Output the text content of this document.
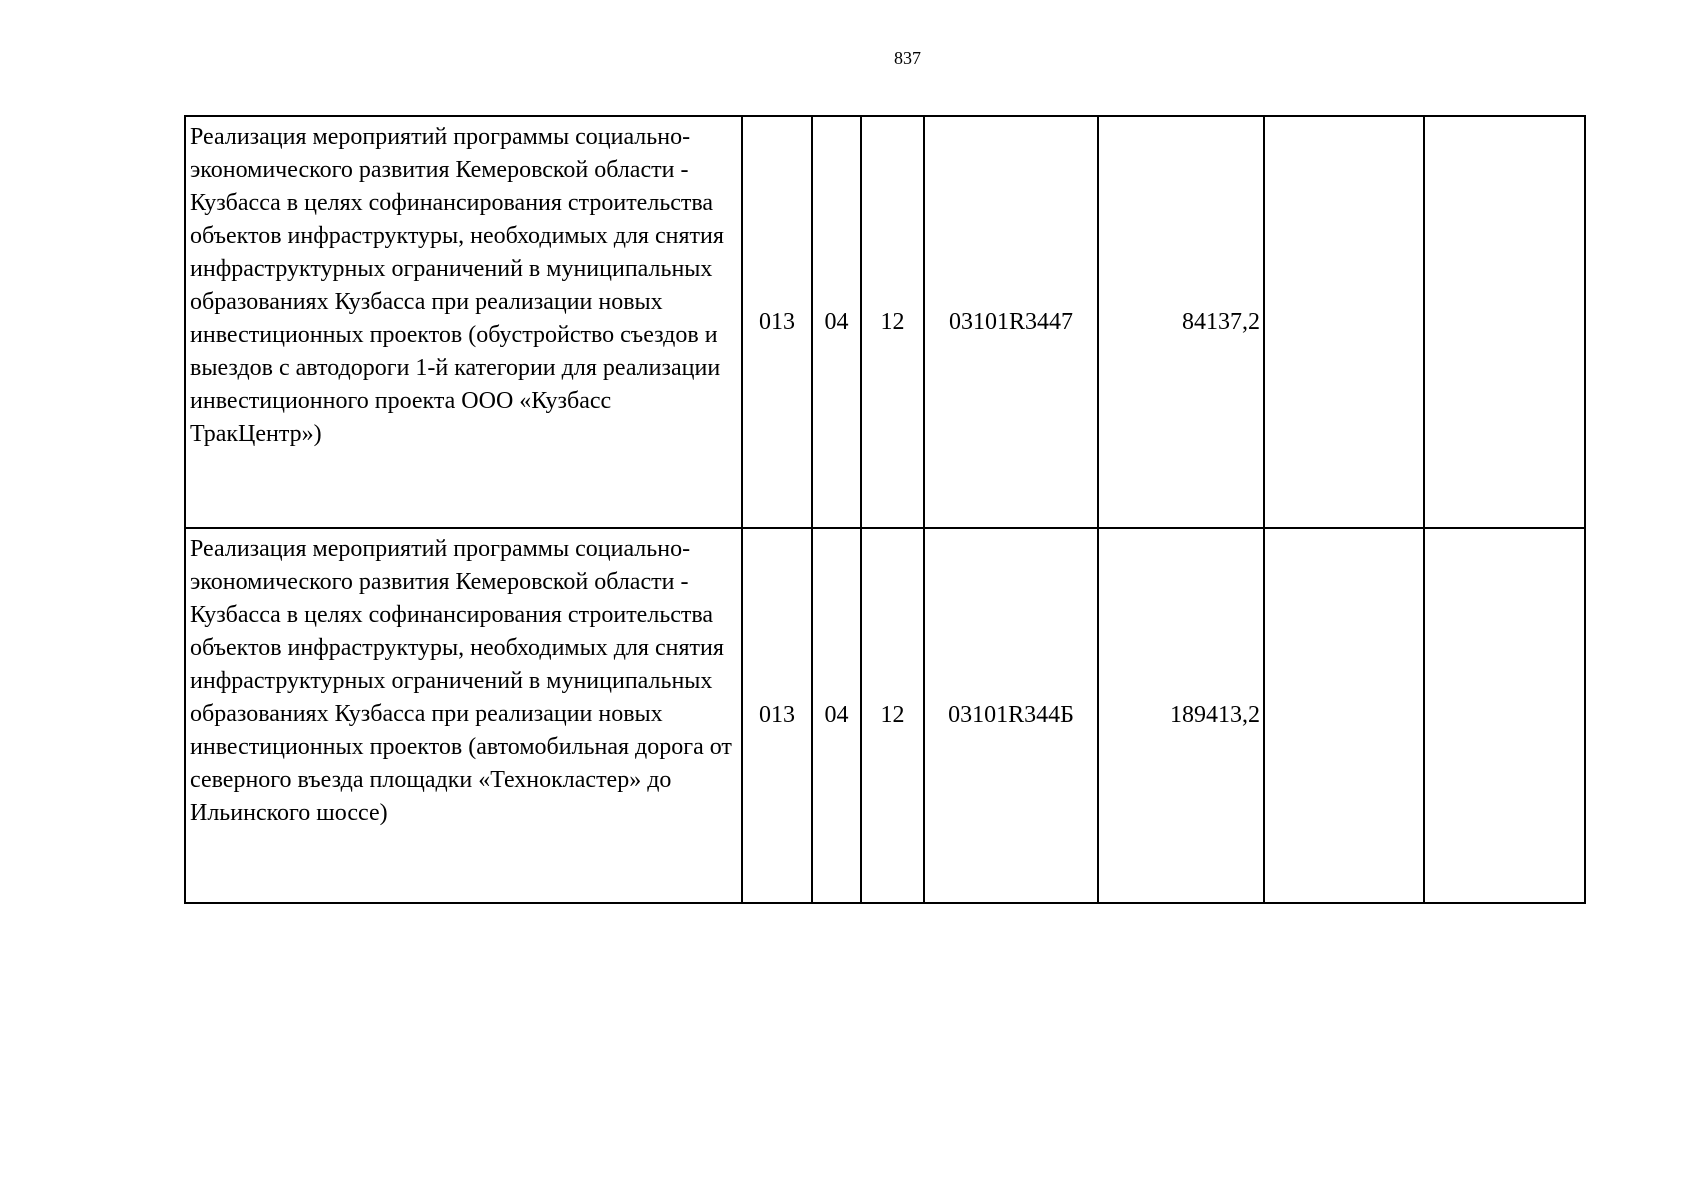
837
Реализация мероприятий программы социально-экономического развития Кемеровской области - Кузбасса в целях софинансирования строительства объектов инфраструктуры, необходимых для снятия инфраструктурных ограничений в муниципальных образованиях Кузбасса при реализации новых инвестиционных проектов (обустройство съездов и выездов с автодороги 1-й категории для реализации инвестиционного проекта ООО «Кузбасс ТракЦентр»)	013	04	12	03101R3447	84137,2		
Реализация мероприятий программы социально-экономического развития Кемеровской области - Кузбасса в целях софинансирования строительства объектов инфраструктуры, необходимых для снятия инфраструктурных ограничений в муниципальных образованиях Кузбасса при реализации новых инвестиционных проектов (автомобильная дорога от северного въезда площадки «Технокластер» до Ильинского шоссе)	013	04	12	03101R344Б	189413,2		
